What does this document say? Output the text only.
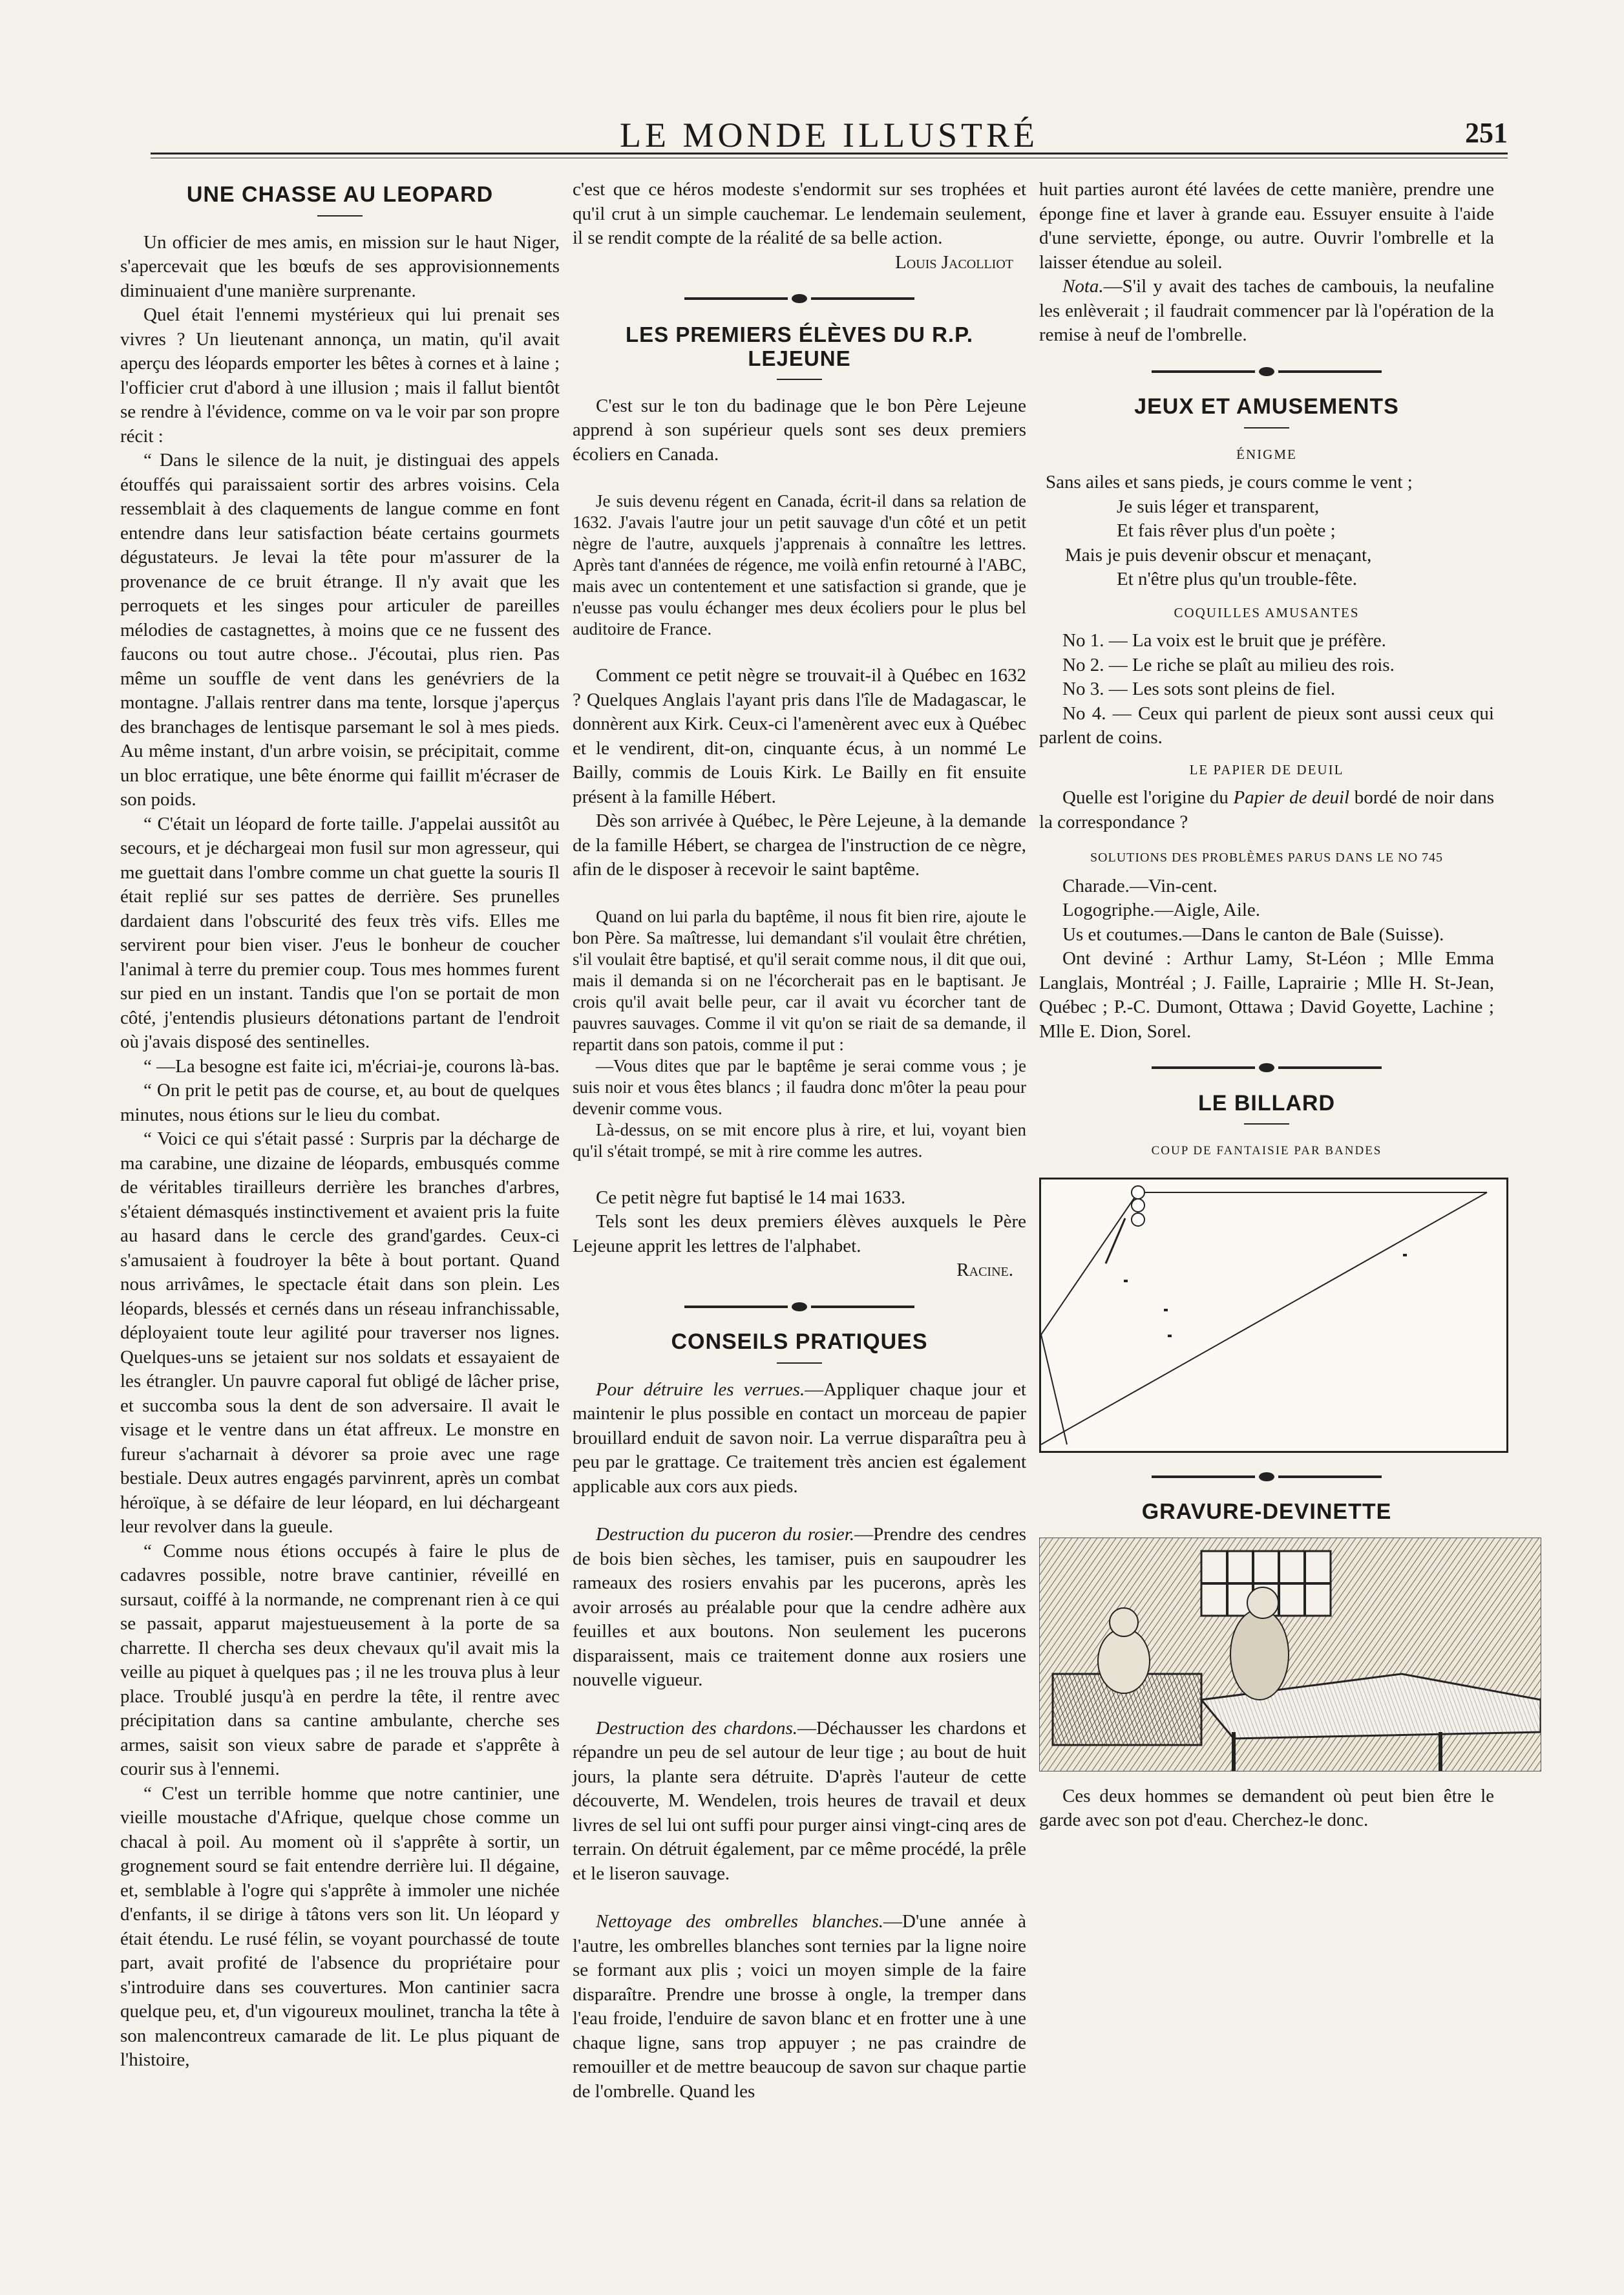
LE MONDE ILLUSTRÉ	251
UNE CHASSE AU LEOPARD

Un officier de mes amis, en mission sur le haut Niger, s'apercevait que les bœufs de ses approvisionnements diminuaient d'une manière surprenante.

Quel était l'ennemi mystérieux qui lui prenait ses vivres ? Un lieutenant annonça, un matin, qu'il avait aperçu des léopards emporter les bêtes à cornes et à laine ; l'officier crut d'abord à une illusion ; mais il fallut bientôt se rendre à l'évidence, comme on va le voir par son propre récit :

“ Dans le silence de la nuit, je distinguai des appels étouffés qui paraissaient sortir des arbres voisins. Cela ressemblait à des claquements de langue comme en font entendre dans leur satisfaction béate certains gourmets dégustateurs. Je levai la tête pour m'assurer de la provenance de ce bruit étrange. Il n'y avait que les perroquets et les singes pour articuler de pareilles mélodies de castagnettes, à moins que ce ne fussent des faucons ou tout autre chose.. J'écoutai, plus rien. Pas même un souffle de vent dans les genévriers de la montagne. J'allais rentrer dans ma tente, lorsque j'aperçus des branchages de lentisque parsemant le sol à mes pieds. Au même instant, d'un arbre voisin, se précipitait, comme un bloc erratique, une bête énorme qui faillit m'écraser de son poids.

“ C'était un léopard de forte taille. J'appelai aussitôt au secours, et je déchargeai mon fusil sur mon agresseur, qui me guettait dans l'ombre comme un chat guette la souris Il était replié sur ses pattes de derrière. Ses prunelles dardaient dans l'obscurité des feux très vifs. Elles me servirent pour bien viser. J'eus le bonheur de coucher l'animal à terre du premier coup. Tous mes hommes furent sur pied en un instant. Tandis que l'on se portait de mon côté, j'entendis plusieurs détonations partant de l'endroit où j'avais disposé des sentinelles.

“ —La besogne est faite ici, m'écriai-je, courons là-bas.

“ On prit le petit pas de course, et, au bout de quelques minutes, nous étions sur le lieu du combat.

“ Voici ce qui s'était passé : Surpris par la décharge de ma carabine, une dizaine de léopards, embusqués comme de véritables tirailleurs derrière les branches d'arbres, s'étaient démasqués instinctivement et avaient pris la fuite au hasard dans le cercle des grand'gardes. Ceux-ci s'amusaient à foudroyer la bête à bout portant. Quand nous arrivâmes, le spectacle était dans son plein. Les léopards, blessés et cernés dans un réseau infranchissable, déployaient toute leur agilité pour traverser nos lignes. Quelques-uns se jetaient sur nos soldats et essayaient de les étrangler. Un pauvre caporal fut obligé de lâcher prise, et succomba sous la dent de son adversaire. Il avait le visage et le ventre dans un état affreux. Le monstre en fureur s'acharnait à dévorer sa proie avec une rage bestiale. Deux autres engagés parvinrent, après un combat héroïque, à se défaire de leur léopard, en lui déchargeant leur revolver dans la gueule.

“ Comme nous étions occupés à faire le plus de cadavres possible, notre brave cantinier, réveillé en sursaut, coiffé à la normande, ne comprenant rien à ce qui se passait, apparut majestueusement à la porte de sa charrette. Il chercha ses deux chevaux qu'il avait mis la veille au piquet à quelques pas ; il ne les trouva plus à leur place. Troublé jusqu'à en perdre la tête, il rentre avec précipitation dans sa cantine ambulante, cherche ses armes, saisit son vieux sabre de parade et s'apprête à courir sus à l'ennemi.

“ C'est un terrible homme que notre cantinier, une vieille moustache d'Afrique, quelque chose comme un chacal à poil. Au moment où il s'apprête à sortir, un grognement sourd se fait entendre derrière lui. Il dégaine, et, semblable à l'ogre qui s'apprête à immoler une nichée d'enfants, il se dirige à tâtons vers son lit. Un léopard y était étendu. Le rusé félin, se voyant pourchassé de toute part, avait profité de l'absence du propriétaire pour s'introduire dans ses couvertures. Mon cantinier sacra quelque peu, et, d'un vigoureux moulinet, trancha la tête à son malencontreux camarade de lit. Le plus piquant de l'histoire,

c'est que ce héros modeste s'endormit sur ses trophées et qu'il crut à un simple cauchemar. Le lendemain seulement, il se rendit compte de la réalité de sa belle action.

Louis Jacolliot
LES PREMIERS ÉLÈVES DU R.P. LEJEUNE

C'est sur le ton du badinage que le bon Père Lejeune apprend à son supérieur quels sont ses deux premiers écoliers en Canada.

Je suis devenu régent en Canada, écrit-il dans sa relation de 1632. J'avais l'autre jour un petit sauvage d'un côté et un petit nègre de l'autre, auxquels j'apprenais à connaître les lettres. Après tant d'années de régence, me voilà enfin retourné à l'ABC, mais avec un contentement et une satisfaction si grande, que je n'eusse pas voulu échanger mes deux écoliers pour le plus bel auditoire de France.

Comment ce petit nègre se trouvait-il à Québec en 1632 ? Quelques Anglais l'ayant pris dans l'île de Madagascar, le donnèrent aux Kirk. Ceux-ci l'amenèrent avec eux à Québec et le vendirent, dit-on, cinquante écus, à un nommé Le Bailly, commis de Louis Kirk. Le Bailly en fit ensuite présent à la famille Hébert.

Dès son arrivée à Québec, le Père Lejeune, à la demande de la famille Hébert, se chargea de l'instruction de ce nègre, afin de le disposer à recevoir le saint baptême.

Quand on lui parla du baptême, il nous fit bien rire, ajoute le bon Père. Sa maîtresse, lui demandant s'il voulait être chrétien, s'il voulait être baptisé, et qu'il serait comme nous, il dit que oui, mais il demanda si on ne l'écorcherait pas en le baptisant. Je crois qu'il avait belle peur, car il avait vu écorcher tant de pauvres sauvages. Comme il vit qu'on se riait de sa demande, il repartit dans son patois, comme il put :

—Vous dites que par le baptême je serai comme vous ; je suis noir et vous êtes blancs ; il faudra donc m'ôter la peau pour devenir comme vous.

Là-dessus, on se mit encore plus à rire, et lui, voyant bien qu'il s'était trompé, se mit à rire comme les autres.

Ce petit nègre fut baptisé le 14 mai 1633.

Tels sont les deux premiers élèves auxquels le Père Lejeune apprit les lettres de l'alphabet.

Racine.
CONSEILS PRATIQUES

Pour détruire les verrues.—Appliquer chaque jour et maintenir le plus possible en contact un morceau de papier brouillard enduit de savon noir. La verrue disparaîtra peu à peu par le grattage. Ce traitement très ancien est également applicable aux cors aux pieds.

Destruction du puceron du rosier.—Prendre des cendres de bois bien sèches, les tamiser, puis en saupoudrer les rameaux des rosiers envahis par les pucerons, après les avoir arrosés au préalable pour que la cendre adhère aux feuilles et aux boutons. Non seulement les pucerons disparaissent, mais ce traitement donne aux rosiers une nouvelle vigueur.

Destruction des chardons.—Déchausser les chardons et répandre un peu de sel autour de leur tige ; au bout de huit jours, la plante sera détruite. D'après l'auteur de cette découverte, M. Wendelen, trois heures de travail et deux livres de sel lui ont suffi pour purger ainsi vingt-cinq ares de terrain. On détruit également, par ce même procédé, la prêle et le liseron sauvage.

Nettoyage des ombrelles blanches.—D'une année à l'autre, les ombrelles blanches sont ternies par la ligne noire se formant aux plis ; voici un moyen simple de la faire disparaître. Prendre une brosse à ongle, la tremper dans l'eau froide, l'enduire de savon blanc et en frotter une à une chaque ligne, sans trop appuyer ; ne pas craindre de remouiller et de mettre beaucoup de savon sur chaque partie de l'ombrelle. Quand les

huit parties auront été lavées de cette manière, prendre une éponge fine et laver à grande eau. Essuyer ensuite à l'aide d'une serviette, éponge, ou autre. Ouvrir l'ombrelle et la laisser étendue au soleil.

Nota.—S'il y avait des taches de cambouis, la neufaline les enlèverait ; il faudrait commencer par là l'opération de la remise à neuf de l'ombrelle.

JEUX ET AMUSEMENTS
ÉNIGME
Sans ailes et sans pieds, je cours comme le vent ;
Je suis léger et transparent,
Et fais rêver plus d'un poète ;
Mais je puis devenir obscur et menaçant,
Et n'être plus qu'un trouble-fête.
COQUILLES AMUSANTES

No 1. — La voix est le bruit que je préfère.

No 2. — Le riche se plaît au milieu des rois.

No 3. — Les sots sont pleins de fiel.

No 4. — Ceux qui parlent de pieux sont aussi ceux qui parlent de coins.

LE PAPIER DE DEUIL

Quelle est l'origine du Papier de deuil bordé de noir dans la correspondance ?

SOLUTIONS DES PROBLÈMES PARUS DANS LE NO 745

Charade.—Vin-cent.

Logogriphe.—Aigle, Aile.

Us et coutumes.—Dans le canton de Bale (Suisse).

Ont deviné : Arthur Lamy, St-Léon ; Mlle Emma Langlais, Montréal ; J. Faille, Laprairie ; Mlle H. St-Jean, Québec ; P.-C. Dumont, Ottawa ; David Goyette, Lachine ; Mlle E. Dion, Sorel.

LE BILLARD
COUP DE FANTAISIE PAR BANDES
GRAVURE-DEVINETTE

Ces deux hommes se demandent où peut bien être le garde avec son pot d'eau. Cherchez-le donc.
